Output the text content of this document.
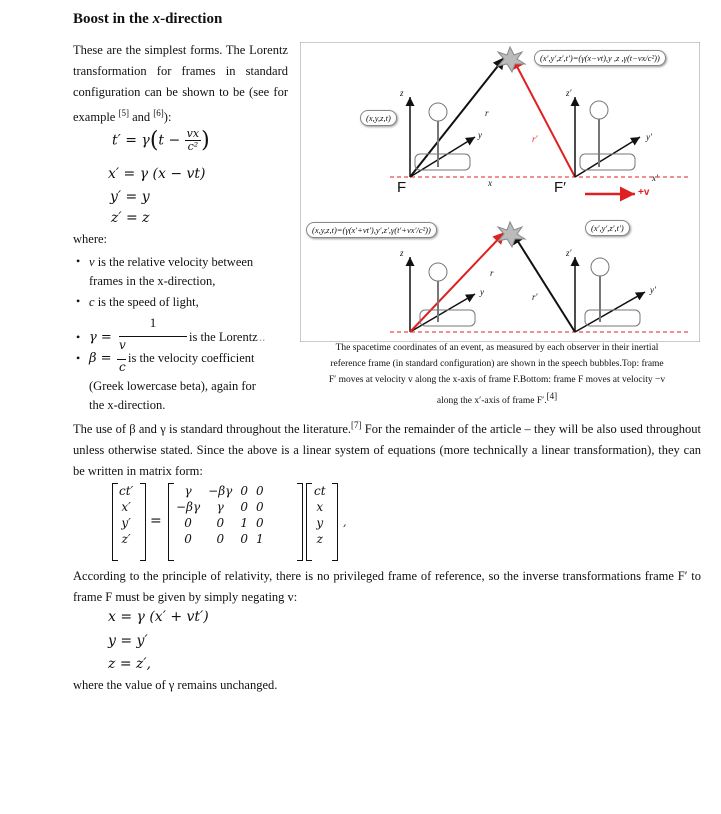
Boost in the x-direction
These are the simplest forms. The Lorentz transformation for frames in standard configuration can be shown to be (see for example [5] and [6]):
$t' = \gamma(t - \frac{vx}{\text{c²}}$ )
x′ = γ (x − vt)
y′ = y
z′ = z
where:
• v is the relative velocity between
frames in the x-direction,
• c is the speed of light,
• γ =
1
is the Lorentz ..
• β =
v
c
is the velocity coefficient
(Greek lowercase beta), again for
the x-direction.
(x′,y′,z′,t′)=(γ(x−vt),y ,z ,γ(t−vx/c²))
(x,y,z,t)
(x,y,z,t)=(γ(x′+vt′),y′,z′,γ(t′+vx′/c²))	(x′,y′,z′,t′)
F	F′	+v
z	z′
y	y′
x	x′
r
r′
z	z′
y	y′
r
r′
The spacetime coordinates of an event, as measured by each observer in their inertial
reference frame (in standard configuration) are shown in the speech bubbles.Top: frame
F′ moves at velocity v along the x-axis of frame F.Bottom: frame F moves at velocity −v
along the x′-axis of frame F′.[4]
The use of β and γ is standard throughout the literature.[7] For the remainder of the article – they will be also used throughout unless otherwise stated. Since the above is a linear system of equations (more technically a linear transformation), they can be written in matrix form:
ct′
x′
y′
z′
=
γ	−βγ	0	0
−βγ	γ	0	0
0	0	1	0
0	0	0	1
ct
x
y
z
,
According to the principle of relativity, there is no privileged frame of reference, so the inverse transformations frame F′ to frame F must be given by simply negating v:
x = γ (x′ + vt′)
y = y′
z = z′,
where the value of γ remains unchanged.
